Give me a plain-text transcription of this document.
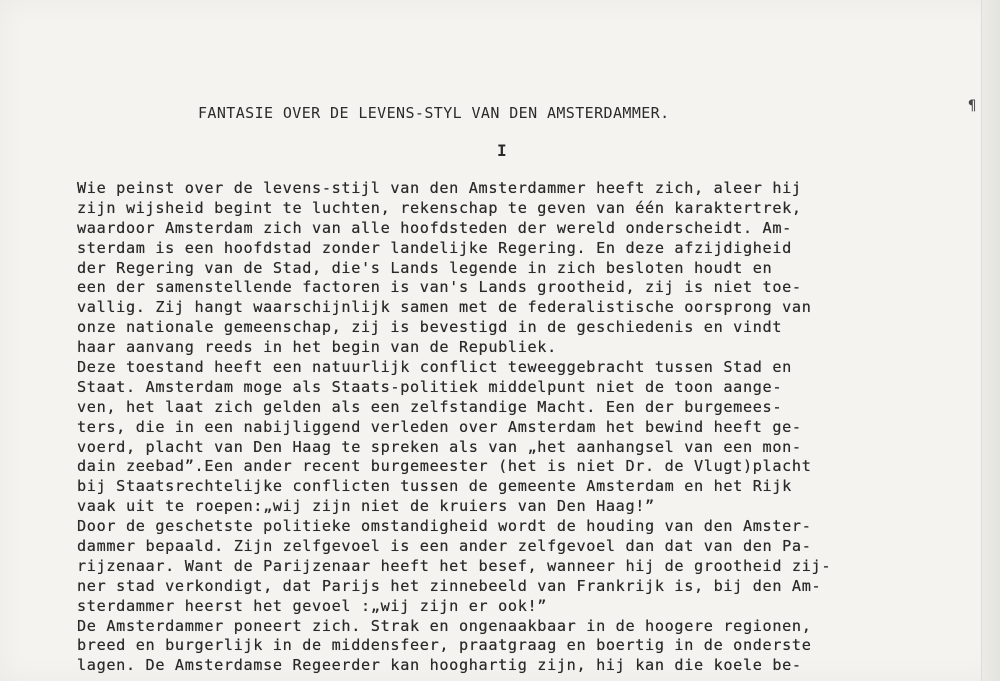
¶
FANTASIE OVER DE LEVENS-STYL VAN DEN AMSTERDAMMER.
I
Wie peinst over de levens-stijl van den Amsterdammer heeft zich, aleer hij
zijn wijsheid begint te luchten, rekenschap te geven van één karaktertrek,
waardoor Amsterdam zich van alle hoofdsteden der wereld onderscheidt. Am-
sterdam is een hoofdstad zonder landelijke Regering. En deze afzijdigheid
der Regering van de Stad, die's Lands legende in zich besloten houdt en
een der samenstellende factoren is van's Lands grootheid, zij is niet toe-
vallig. Zij hangt waarschijnlijk samen met de federalistische oorsprong van
onze nationale gemeenschap, zij is bevestigd in de geschiedenis en vindt
haar aanvang reeds in het begin van de Republiek.
Deze toestand heeft een natuurlijk conflict teweeggebracht tussen Stad en
Staat. Amsterdam moge als Staats-politiek middelpunt niet de toon aange-
ven, het laat zich gelden als een zelfstandige Macht. Een der burgemees-
ters, die in een nabijliggend verleden over Amsterdam het bewind heeft ge-
voerd, placht van Den Haag te spreken als van „het aanhangsel van een mon-
dain zeebad”.Een ander recent burgemeester (het is niet Dr. de Vlugt)placht
bij Staatsrechtelijke conflicten tussen de gemeente Amsterdam en het Rijk
vaak uit te roepen:„wij zijn niet de kruiers van Den Haag!”
Door de geschetste politieke omstandigheid wordt de houding van den Amster-
dammer bepaald. Zijn zelfgevoel is een ander zelfgevoel dan dat van den Pa-
rijzenaar. Want de Parijzenaar heeft het besef, wanneer hij de grootheid zij-
ner stad verkondigt, dat Parijs het zinnebeeld van Frankrijk is, bij den Am-
sterdammer heerst het gevoel :„wij zijn er ook!”
De Amsterdammer poneert zich. Strak en ongenaakbaar in de hoogere regionen,
breed en burgerlijk in de middensfeer, praatgraag en boertig in de onderste
lagen. De Amsterdamse Regeerder kan hooghartig zijn, hij kan die koele be-
